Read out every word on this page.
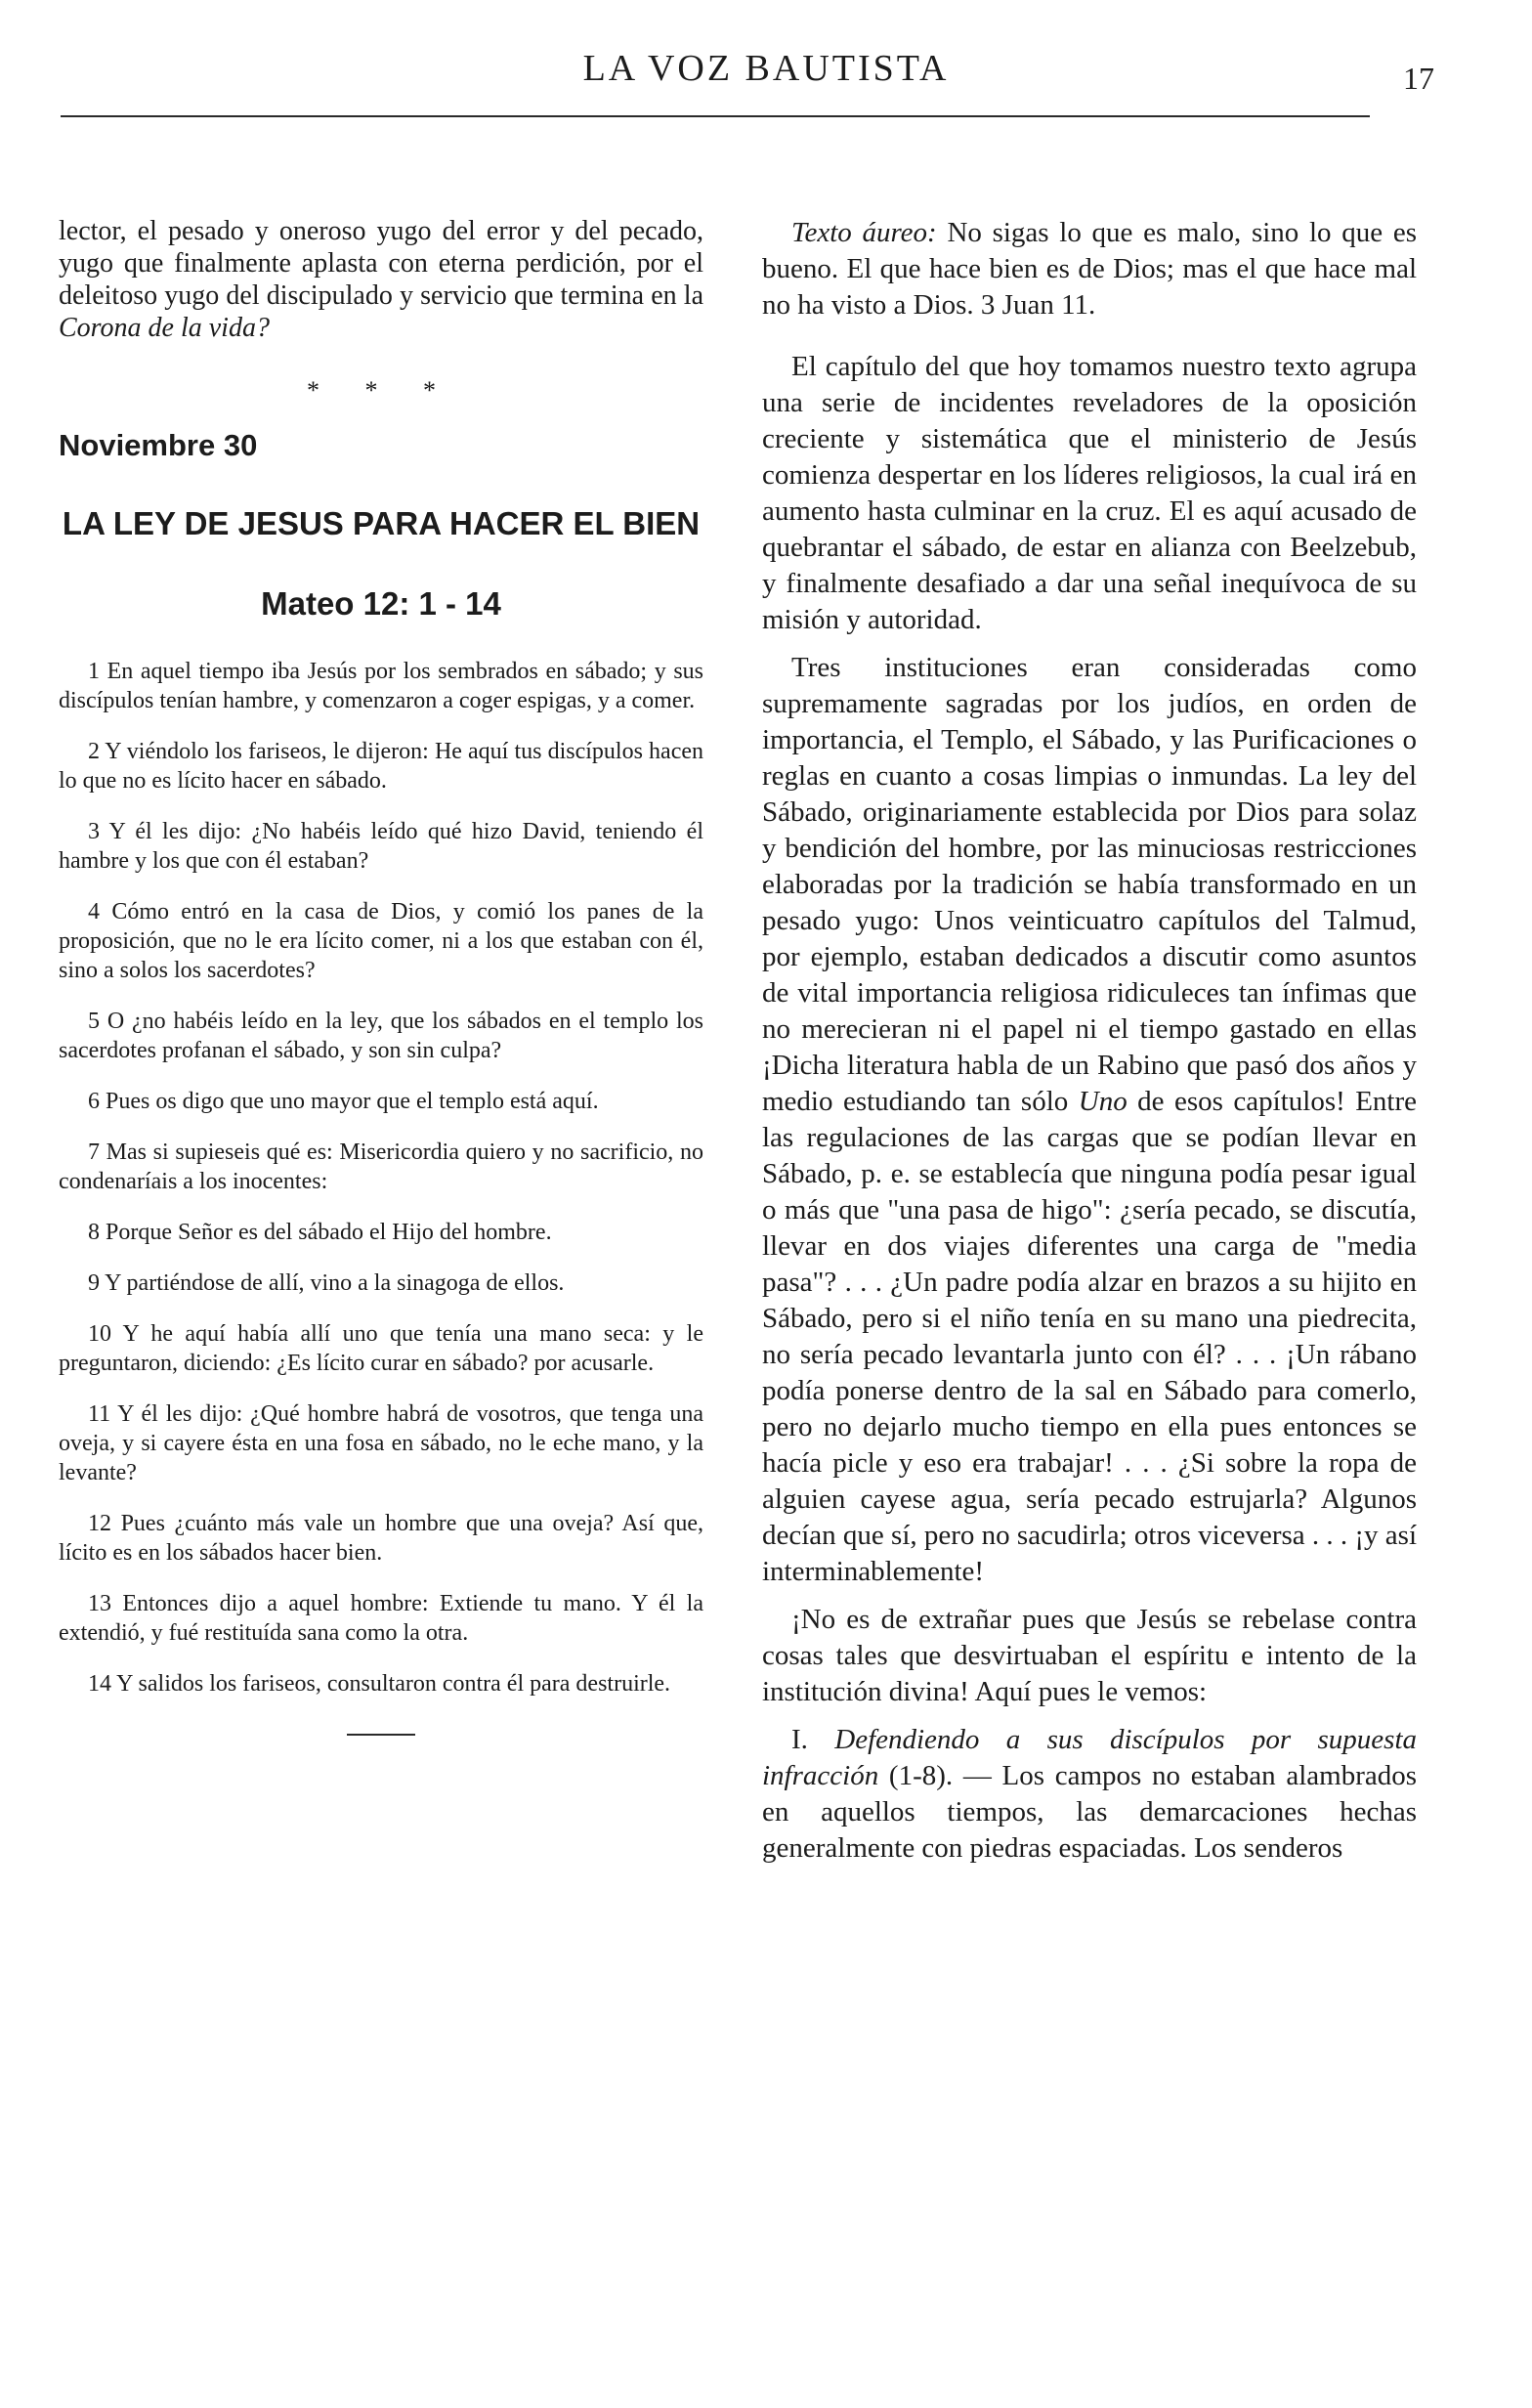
LA VOZ BAUTISTA	17

lector, el pesado y oneroso yugo del error y del pecado, yugo que finalmente aplasta con eterna perdición, por el deleitoso yugo del discipulado y servicio que termina en la Corona de la vida?

* * *
Noviembre 30
LA LEY DE JESUS PARA HACER EL BIEN
Mateo 12: 1 - 14

1 En aquel tiempo iba Jesús por los sembrados en sábado; y sus discípulos tenían hambre, y comenzaron a coger espigas, y a comer.

2 Y viéndolo los fariseos, le dijeron: He aquí tus discípulos hacen lo que no es lícito hacer en sábado.

3 Y él les dijo: ¿No habéis leído qué hizo David, teniendo él hambre y los que con él estaban?

4 Cómo entró en la casa de Dios, y comió los panes de la proposición, que no le era lícito comer, ni a los que estaban con él, sino a solos los sacerdotes?

5 O ¿no habéis leído en la ley, que los sábados en el templo los sacerdotes profanan el sábado, y son sin culpa?

6 Pues os digo que uno mayor que el templo está aquí.

7 Mas si supieseis qué es: Misericordia quiero y no sacrificio, no condenaríais a los inocentes:

8 Porque Señor es del sábado el Hijo del hombre.

9 Y partiéndose de allí, vino a la sinagoga de ellos.

10 Y he aquí había allí uno que tenía una mano seca: y le preguntaron, diciendo: ¿Es lícito curar en sábado? por acusarle.

11 Y él les dijo: ¿Qué hombre habrá de vosotros, que tenga una oveja, y si cayere ésta en una fosa en sábado, no le eche mano, y la levante?

12 Pues ¿cuánto más vale un hombre que una oveja? Así que, lícito es en los sábados hacer bien.

13 Entonces dijo a aquel hombre: Extiende tu mano. Y él la extendió, y fué restituída sana como la otra.

14 Y salidos los fariseos, consultaron contra él para destruirle.

Texto áureo: No sigas lo que es malo, sino lo que es bueno. El que hace bien es de Dios; mas el que hace mal no ha visto a Dios. 3 Juan 11.

El capítulo del que hoy tomamos nuestro texto agrupa una serie de incidentes reveladores de la oposición creciente y sistemática que el ministerio de Jesús comienza despertar en los líderes religiosos, la cual irá en aumento hasta culminar en la cruz. El es aquí acusado de quebrantar el sábado, de estar en alianza con Beelzebub, y finalmente desafiado a dar una señal inequívoca de su misión y autoridad.

Tres instituciones eran consideradas como supremamente sagradas por los judíos, en orden de importancia, el Templo, el Sábado, y las Purificaciones o reglas en cuanto a cosas limpias o inmundas. La ley del Sábado, originariamente establecida por Dios para solaz y bendición del hombre, por las minuciosas restricciones elaboradas por la tradición se había transformado en un pesado yugo: Unos veinticuatro capítulos del Talmud, por ejemplo, estaban dedicados a discutir como asuntos de vital importancia religiosa ridiculeces tan ínfimas que no merecieran ni el papel ni el tiempo gastado en ellas ¡Dicha literatura habla de un Rabino que pasó dos años y medio estudiando tan sólo Uno de esos capítulos! Entre las regulaciones de las cargas que se podían llevar en Sábado, p. e. se establecía que ninguna podía pesar igual o más que "una pasa de higo": ¿sería pecado, se discutía, llevar en dos viajes diferentes una carga de "media pasa"? . . . ¿Un padre podía alzar en brazos a su hijito en Sábado, pero si el niño tenía en su mano una piedrecita, no sería pecado levantarla junto con él? . . . ¡Un rábano podía ponerse dentro de la sal en Sábado para comerlo, pero no dejarlo mucho tiempo en ella pues entonces se hacía picle y eso era trabajar! . . . ¿Si sobre la ropa de alguien cayese agua, sería pecado estrujarla? Algunos decían que sí, pero no sacudirla; otros viceversa . . . ¡y así interminablemente!

¡No es de extrañar pues que Jesús se rebelase contra cosas tales que desvirtuaban el espíritu e intento de la institución divina! Aquí pues le vemos:

I. Defendiendo a sus discípulos por supuesta infracción (1-8). — Los campos no estaban alambrados en aquellos tiempos, las demarcaciones hechas generalmente con piedras espaciadas. Los senderos
